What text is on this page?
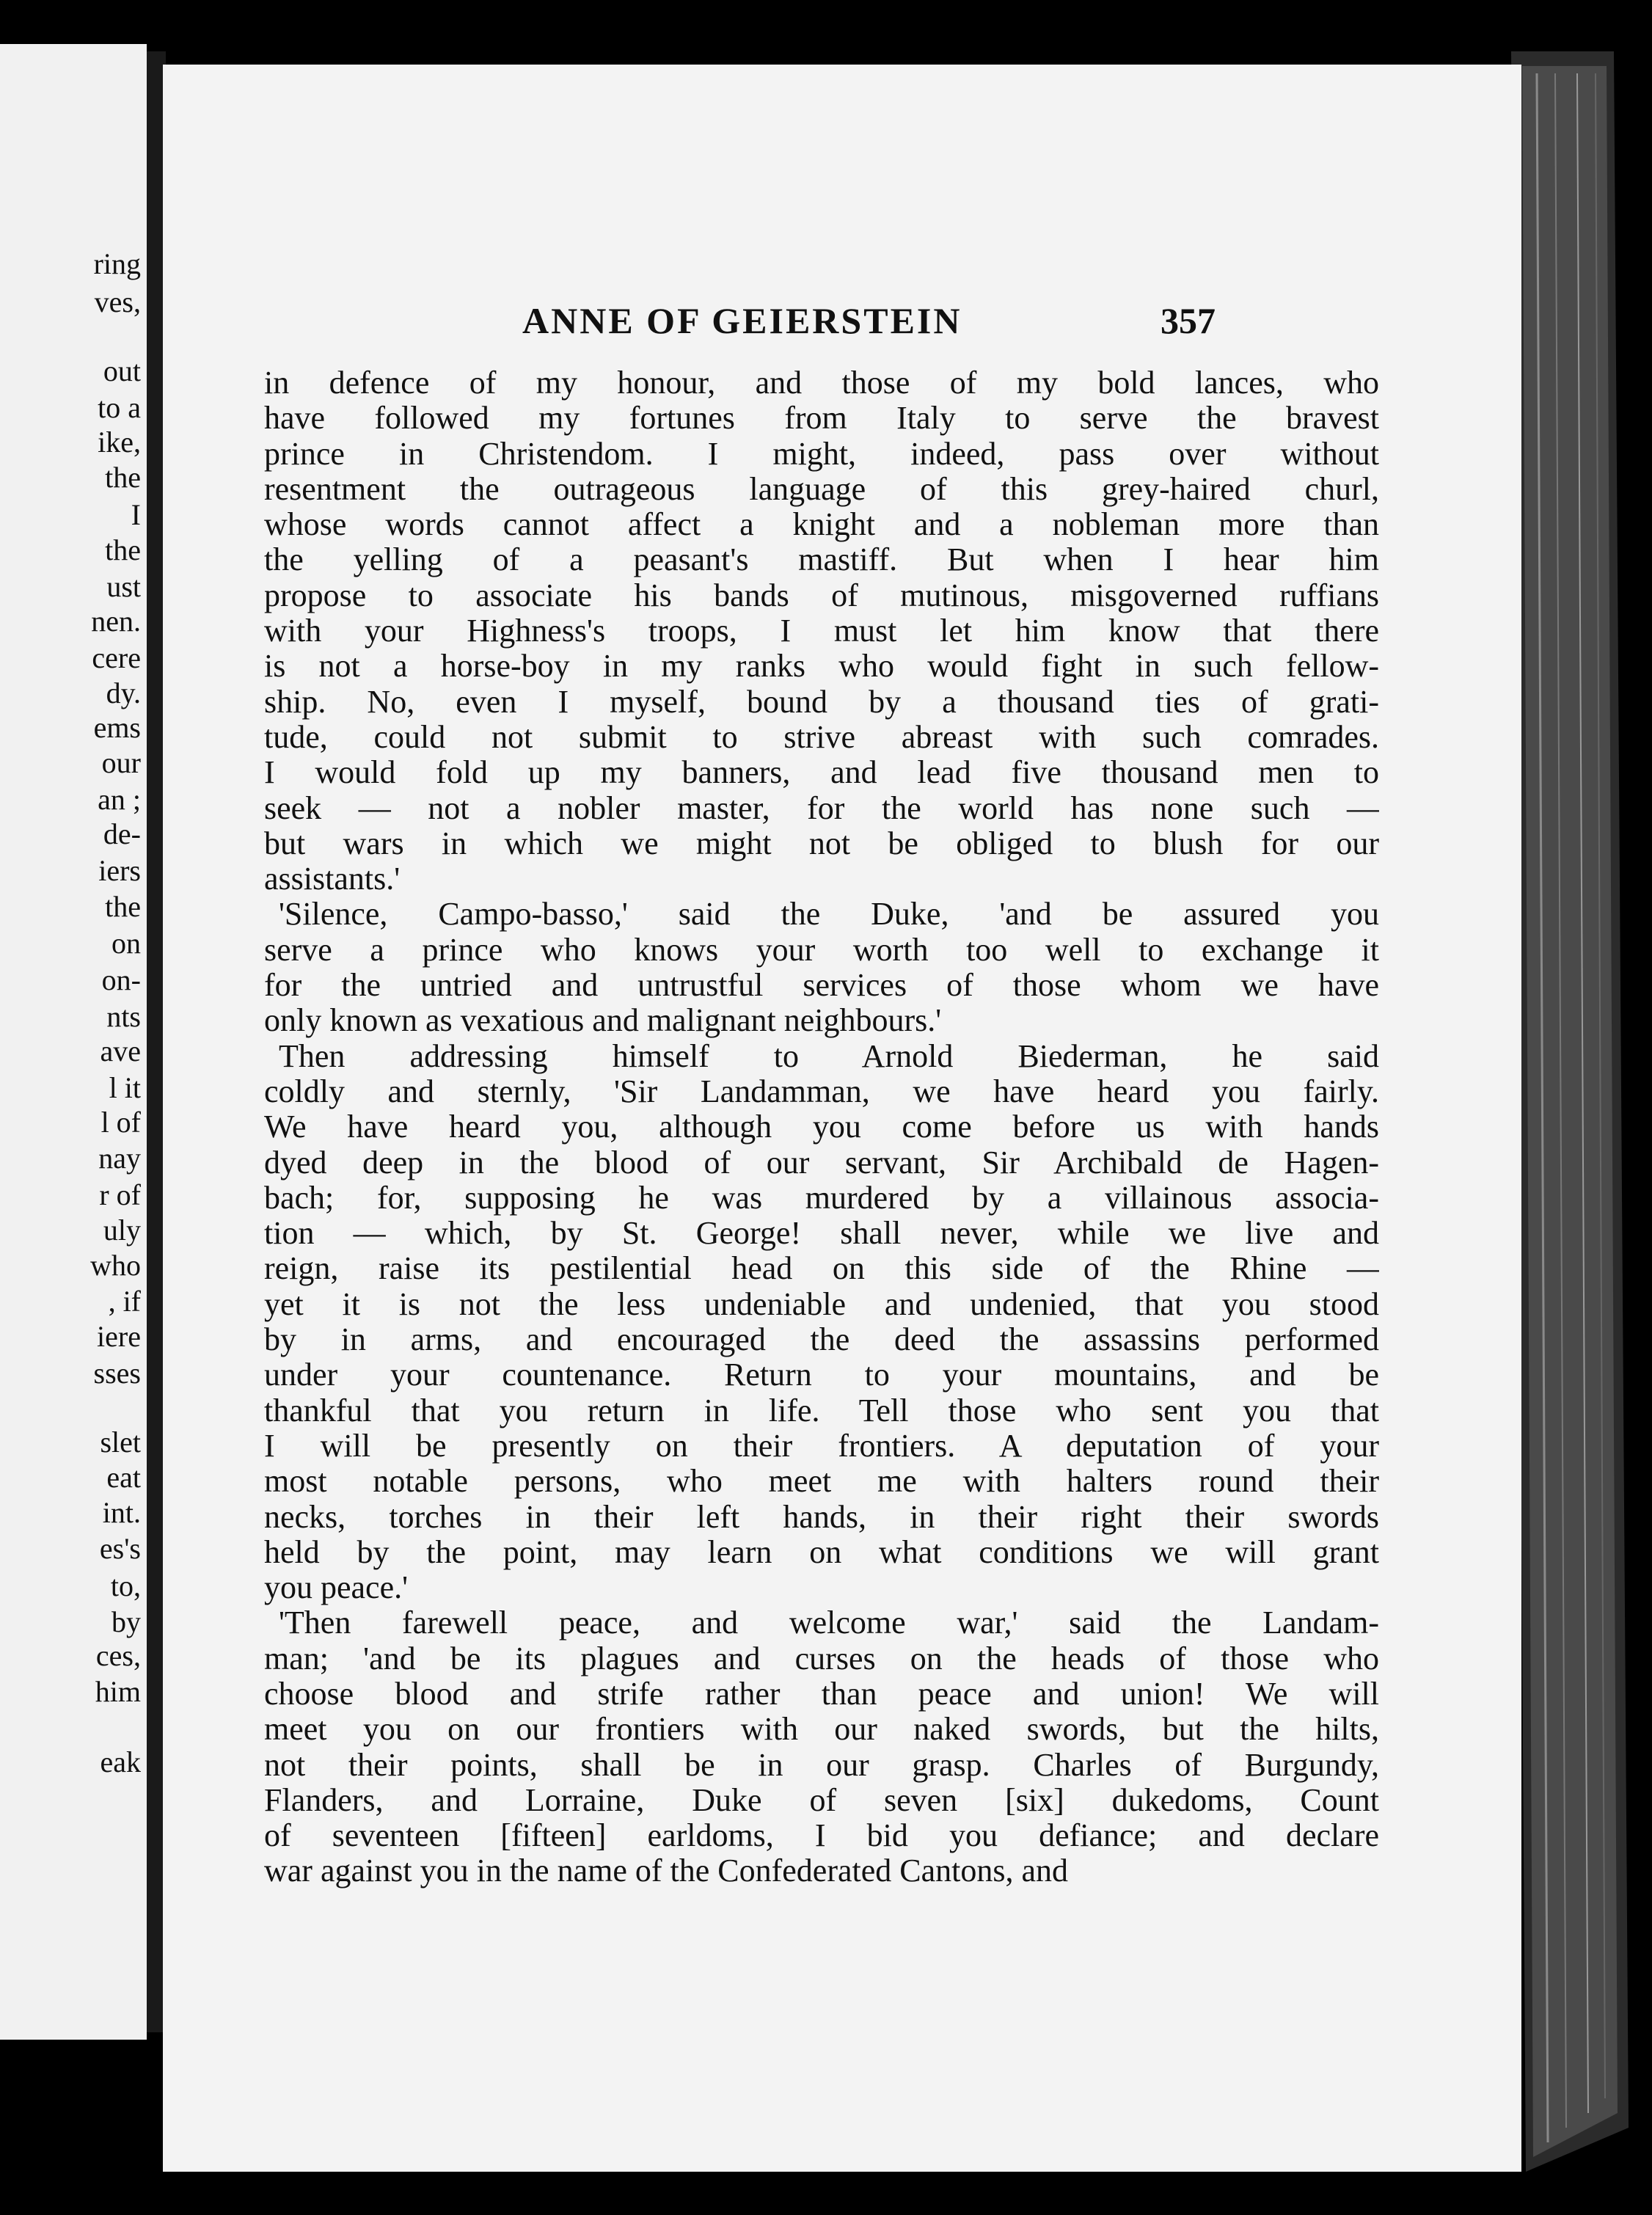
ring
ves,
out
to a
ike,
the
I
the
ust
nen.
cere
dy.
ems
our
an ;
de-
iers
the
on
on-
nts
ave
l it
l of
nay
r of
uly
who
, if
iere
sses
slet
eat
int.
es's
to,
by
ces,
him
eak
ANNE OF GEIERSTEIN	357
in defence of my honour, and those of my bold lances, who
have followed my fortunes from Italy to serve the bravest
prince in Christendom. I might, indeed, pass over without
resentment the outrageous language of this grey-haired churl,
whose words cannot affect a knight and a nobleman more than
the yelling of a peasant's mastiff. But when I hear him
propose to associate his bands of mutinous, misgoverned ruffians
with your Highness's troops, I must let him know that there
is not a horse-boy in my ranks who would fight in such fellow-
ship. No, even I myself, bound by a thousand ties of grati-
tude, could not submit to strive abreast with such comrades.
I would fold up my banners, and lead five thousand men to
seek — not a nobler master, for the world has none such —
but wars in which we might not be obliged to blush for our
assistants.'
'Silence, Campo-basso,' said the Duke, 'and be assured you
serve a prince who knows your worth too well to exchange it
for the untried and untrustful services of those whom we have
only known as vexatious and malignant neighbours.'
Then addressing himself to Arnold Biederman, he said
coldly and sternly, 'Sir Landamman, we have heard you fairly.
We have heard you, although you come before us with hands
dyed deep in the blood of our servant, Sir Archibald de Hagen-
bach; for, supposing he was murdered by a villainous associa-
tion — which, by St. George! shall never, while we live and
reign, raise its pestilential head on this side of the Rhine —
yet it is not the less undeniable and undenied, that you stood
by in arms, and encouraged the deed the assassins performed
under your countenance. Return to your mountains, and be
thankful that you return in life. Tell those who sent you that
I will be presently on their frontiers. A deputation of your
most notable persons, who meet me with halters round their
necks, torches in their left hands, in their right their swords
held by the point, may learn on what conditions we will grant
you peace.'
'Then farewell peace, and welcome war,' said the Landam-
man; 'and be its plagues and curses on the heads of those who
choose blood and strife rather than peace and union! We will
meet you on our frontiers with our naked swords, but the hilts,
not their points, shall be in our grasp. Charles of Burgundy,
Flanders, and Lorraine, Duke of seven [six] dukedoms, Count
of seventeen [fifteen] earldoms, I bid you defiance; and declare
war against you in the name of the Confederated Cantons, and
